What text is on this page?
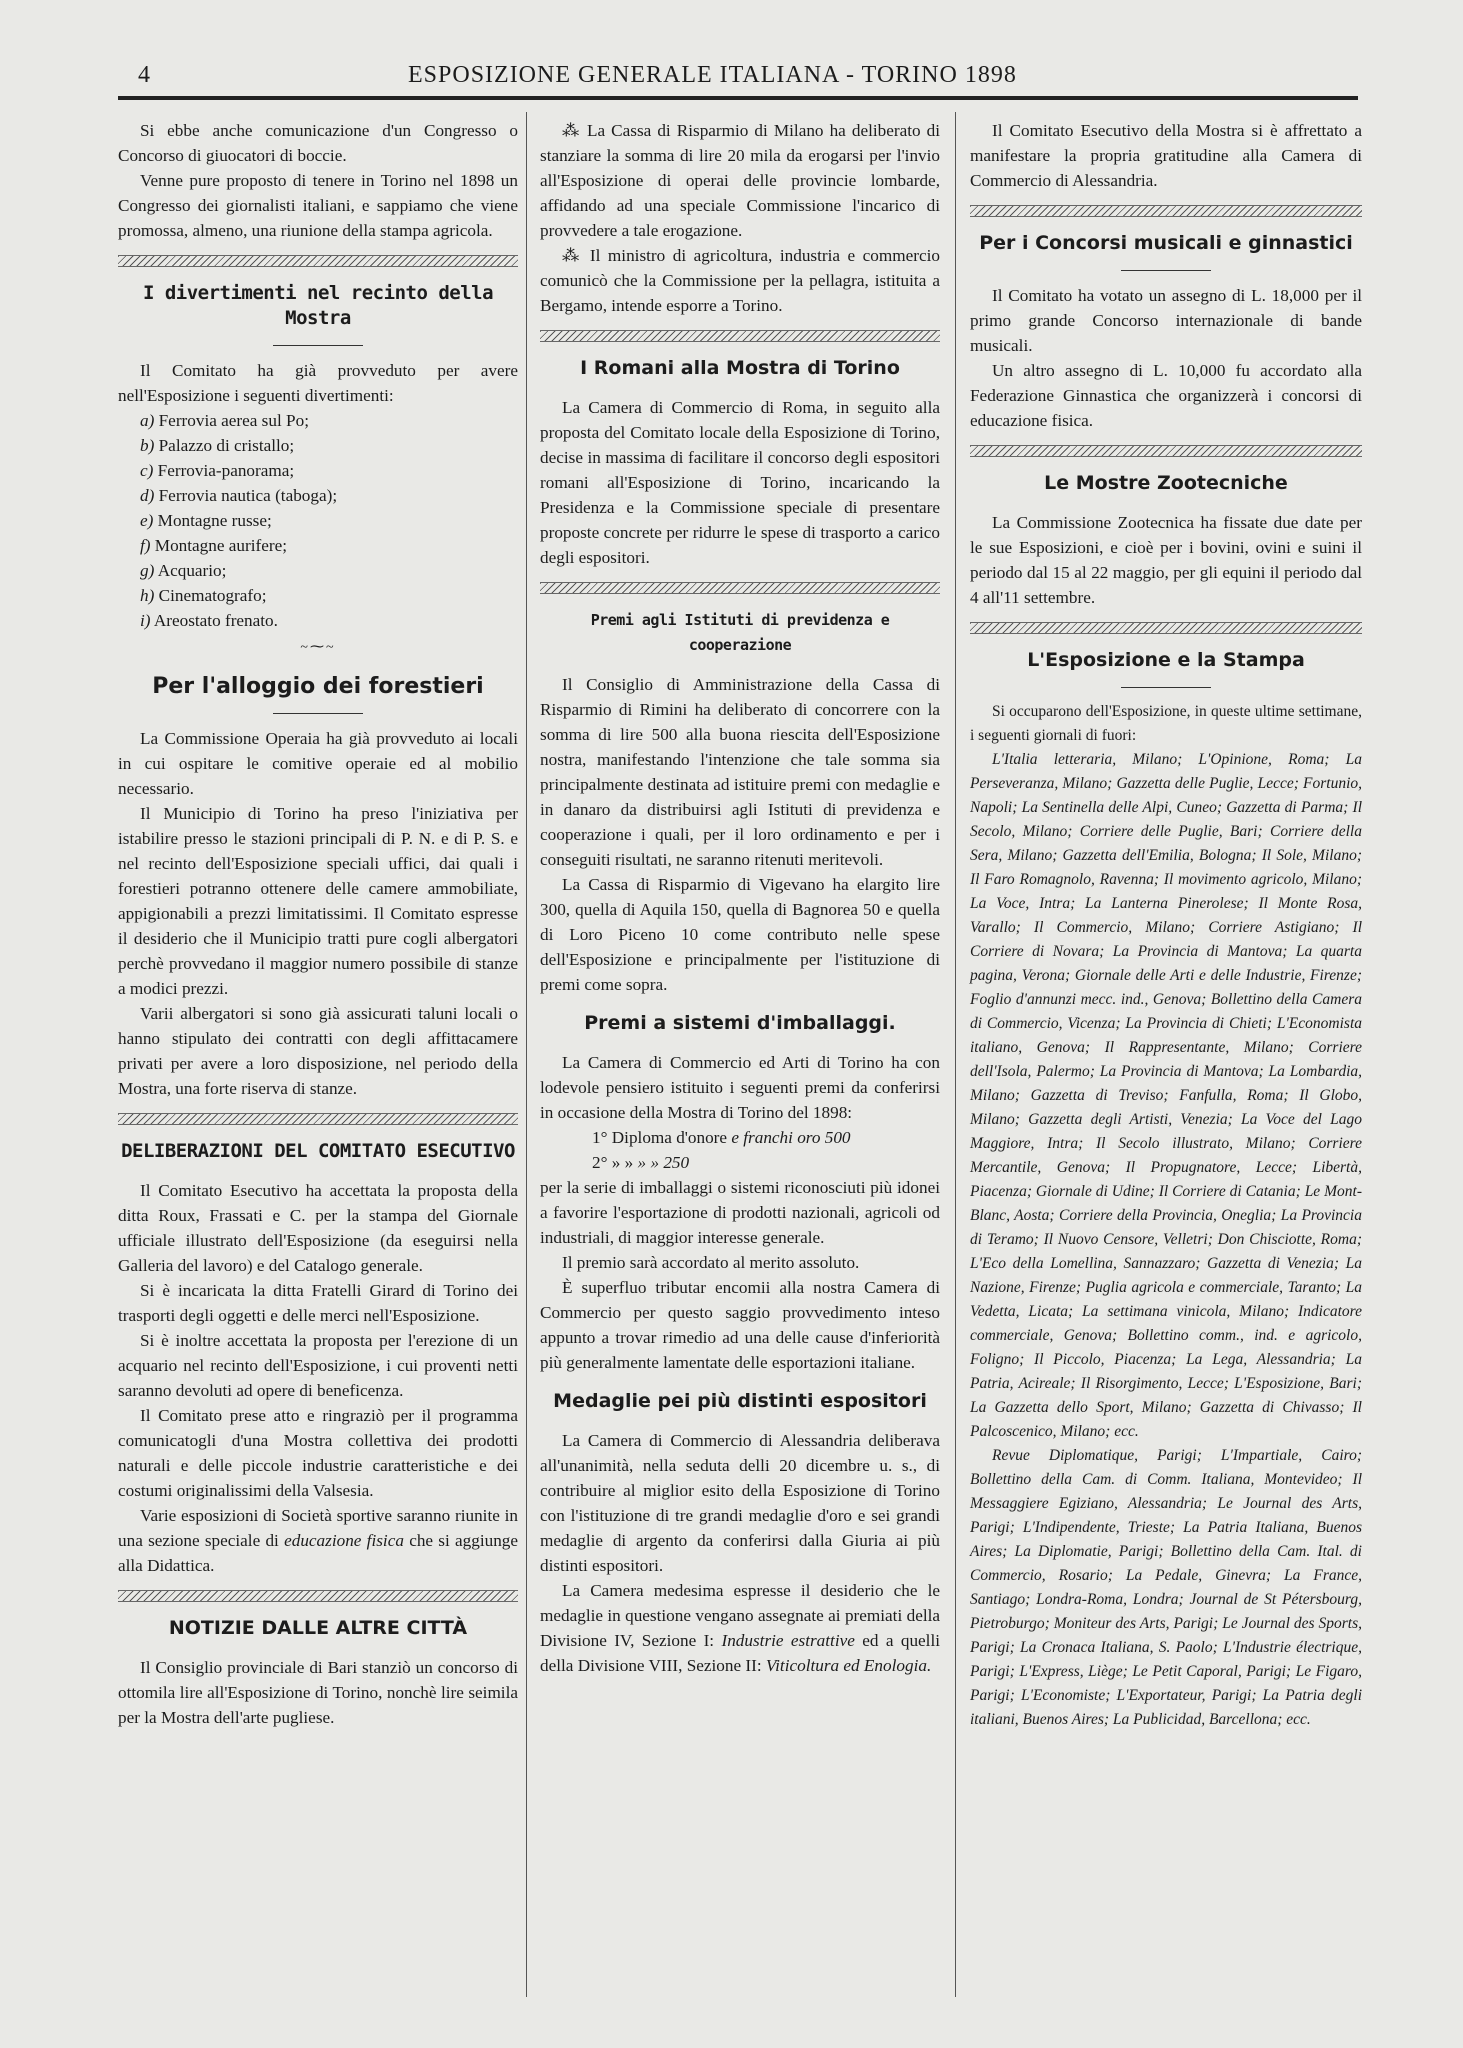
4	ESPOSIZIONE GENERALE ITALIANA - TORINO 1898

Si ebbe anche comunicazione d'un Congresso o Concorso di giuocatori di boccie.

Venne pure proposto di tenere in Torino nel 1898 un Congresso dei giornalisti italiani, e sappiamo che viene promossa, almeno, una riunione della stampa agricola.

I divertimenti nel recinto della Mostra

Il Comitato ha già provveduto per avere nell'Esposizione i seguenti divertimenti:

a) Ferrovia aerea sul Po;

b) Palazzo di cristallo;

c) Ferrovia-panorama;

d) Ferrovia nautica (taboga);

e) Montagne russe;

f) Montagne aurifere;

g) Acquario;

h) Cinematografo;

i) Areostato frenato.

~⁓~
Per l'alloggio dei forestieri

La Commissione Operaia ha già provveduto ai locali in cui ospitare le comitive operaie ed al mobilio necessario.

Il Municipio di Torino ha preso l'iniziativa per istabilire presso le stazioni principali di P. N. e di P. S. e nel recinto dell'Esposizione speciali uffici, dai quali i forestieri potranno ottenere delle camere ammobiliate, appigionabili a prezzi limitatissimi. Il Comitato espresse il desiderio che il Municipio tratti pure cogli albergatori perchè provvedano il maggior numero possibile di stanze a modici prezzi.

Varii albergatori si sono già assicurati taluni locali o hanno stipulato dei contratti con degli affittacamere privati per avere a loro disposizione, nel periodo della Mostra, una forte riserva di stanze.

DELIBERAZIONI DEL COMITATO ESECUTIVO

Il Comitato Esecutivo ha accettata la proposta della ditta Roux, Frassati e C. per la stampa del Giornale ufficiale illustrato dell'Esposizione (da eseguirsi nella Galleria del lavoro) e del Catalogo generale.

Si è incaricata la ditta Fratelli Girard di Torino dei trasporti degli oggetti e delle merci nell'Esposizione.

Si è inoltre accettata la proposta per l'erezione di un acquario nel recinto dell'Esposizione, i cui proventi netti saranno devoluti ad opere di beneficenza.

Il Comitato prese atto e ringraziò per il programma comunicatogli d'una Mostra collettiva dei prodotti naturali e delle piccole industrie caratteristiche e dei costumi originalissimi della Valsesia.

Varie esposizioni di Società sportive saranno riunite in una sezione speciale di educazione fisica che si aggiunge alla Didattica.

NOTIZIE DALLE ALTRE CITTÀ

Il Consiglio provinciale di Bari stanziò un concorso di ottomila lire all'Esposizione di Torino, nonchè lire seimila per la Mostra dell'arte pugliese.

⁂ La Cassa di Risparmio di Milano ha deliberato di stanziare la somma di lire 20 mila da erogarsi per l'invio all'Esposizione di operai delle provincie lombarde, affidando ad una speciale Commissione l'incarico di provvedere a tale erogazione.

⁂ Il ministro di agricoltura, industria e commercio comunicò che la Commissione per la pellagra, istituita a Bergamo, intende esporre a Torino.

I Romani alla Mostra di Torino

La Camera di Commercio di Roma, in seguito alla proposta del Comitato locale della Esposizione di Torino, decise in massima di facilitare il concorso degli espositori romani all'Esposizione di Torino, incaricando la Presidenza e la Commissione speciale di presentare proposte concrete per ridurre le spese di trasporto a carico degli espositori.

Premi agli Istituti di previdenza e cooperazione

Il Consiglio di Amministrazione della Cassa di Risparmio di Rimini ha deliberato di concorrere con la somma di lire 500 alla buona riescita dell'Esposizione nostra, manifestando l'intenzione che tale somma sia principalmente destinata ad istituire premi con medaglie e in danaro da distribuirsi agli Istituti di previdenza e cooperazione i quali, per il loro ordinamento e per i conseguiti risultati, ne saranno ritenuti meritevoli.

La Cassa di Risparmio di Vigevano ha elargito lire 300, quella di Aquila 150, quella di Bagnorea 50 e quella di Loro Piceno 10 come contributo nelle spese dell'Esposizione e principalmente per l'istituzione di premi come sopra.

Premi a sistemi d'imballaggi.

La Camera di Commercio ed Arti di Torino ha con lodevole pensiero istituito i seguenti premi da conferirsi in occasione della Mostra di Torino del 1898:

1° Diploma d'onore e franchi oro 500

2° » » » » 250

per la serie di imballaggi o sistemi riconosciuti più idonei a favorire l'esportazione di prodotti nazionali, agricoli od industriali, di maggior interesse generale.

Il premio sarà accordato al merito assoluto.

È superfluo tributar encomii alla nostra Camera di Commercio per questo saggio provvedimento inteso appunto a trovar rimedio ad una delle cause d'inferiorità più generalmente lamentate delle esportazioni italiane.

Medaglie pei più distinti espositori

La Camera di Commercio di Alessandria deliberava all'unanimità, nella seduta delli 20 dicembre u. s., di contribuire al miglior esito della Esposizione di Torino con l'istituzione di tre grandi medaglie d'oro e sei grandi medaglie di argento da conferirsi dalla Giuria ai più distinti espositori.

La Camera medesima espresse il desiderio che le medaglie in questione vengano assegnate ai premiati della Divisione IV, Sezione I: Industrie estrattive ed a quelli della Divisione VIII, Sezione II: Viticoltura ed Enologia.

Il Comitato Esecutivo della Mostra si è affrettato a manifestare la propria gratitudine alla Camera di Commercio di Alessandria.

Per i Concorsi musicali e ginnastici

Il Comitato ha votato un assegno di L. 18,000 per il primo grande Concorso internazionale di bande musicali.

Un altro assegno di L. 10,000 fu accordato alla Federazione Ginnastica che organizzerà i concorsi di educazione fisica.

Le Mostre Zootecniche

La Commissione Zootecnica ha fissate due date per le sue Esposizioni, e cioè per i bovini, ovini e suini il periodo dal 15 al 22 maggio, per gli equini il periodo dal 4 all'11 settembre.

L'Esposizione e la Stampa

Si occuparono dell'Esposizione, in queste ultime settimane, i seguenti giornali di fuori:

L'Italia letteraria, Milano; L'Opinione, Roma; La Perseveranza, Milano; Gazzetta delle Puglie, Lecce; Fortunio, Napoli; La Sentinella delle Alpi, Cuneo; Gazzetta di Parma; Il Secolo, Milano; Corriere delle Puglie, Bari; Corriere della Sera, Milano; Gazzetta dell'Emilia, Bologna; Il Sole, Milano; Il Faro Romagnolo, Ravenna; Il movimento agricolo, Milano; La Voce, Intra; La Lanterna Pinerolese; Il Monte Rosa, Varallo; Il Commercio, Milano; Corriere Astigiano; Il Corriere di Novara; La Provincia di Mantova; La quarta pagina, Verona; Giornale delle Arti e delle Industrie, Firenze; Foglio d'annunzi mecc. ind., Genova; Bollettino della Camera di Commercio, Vicenza; La Provincia di Chieti; L'Economista italiano, Genova; Il Rappresentante, Milano; Corriere dell'Isola, Palermo; La Provincia di Mantova; La Lombardia, Milano; Gazzetta di Treviso; Fanfulla, Roma; Il Globo, Milano; Gazzetta degli Artisti, Venezia; La Voce del Lago Maggiore, Intra; Il Secolo illustrato, Milano; Corriere Mercantile, Genova; Il Propugnatore, Lecce; Libertà, Piacenza; Giornale di Udine; Il Corriere di Catania; Le Mont-Blanc, Aosta; Corriere della Provincia, Oneglia; La Provincia di Teramo; Il Nuovo Censore, Velletri; Don Chisciotte, Roma; L'Eco della Lomellina, Sannazzaro; Gazzetta di Venezia; La Nazione, Firenze; Puglia agricola e commerciale, Taranto; La Vedetta, Licata; La settimana vinicola, Milano; Indicatore commerciale, Genova; Bollettino comm., ind. e agricolo, Foligno; Il Piccolo, Piacenza; La Lega, Alessandria; La Patria, Acireale; Il Risorgimento, Lecce; L'Esposizione, Bari; La Gazzetta dello Sport, Milano; Gazzetta di Chivasso; Il Palcoscenico, Milano; ecc.

Revue Diplomatique, Parigi; L'Impartiale, Cairo; Bollettino della Cam. di Comm. Italiana, Montevideo; Il Messaggiere Egiziano, Alessandria; Le Journal des Arts, Parigi; L'Indipendente, Trieste; La Patria Italiana, Buenos Aires; La Diplomatie, Parigi; Bollettino della Cam. Ital. di Commercio, Rosario; La Pedale, Ginevra; La France, Santiago; Londra-Roma, Londra; Journal de St Pétersbourg, Pietroburgo; Moniteur des Arts, Parigi; Le Journal des Sports, Parigi; La Cronaca Italiana, S. Paolo; L'Industrie électrique, Parigi; L'Express, Liège; Le Petit Caporal, Parigi; Le Figaro, Parigi; L'Economiste; L'Exportateur, Parigi; La Patria degli italiani, Buenos Aires; La Publicidad, Barcellona; ecc.
